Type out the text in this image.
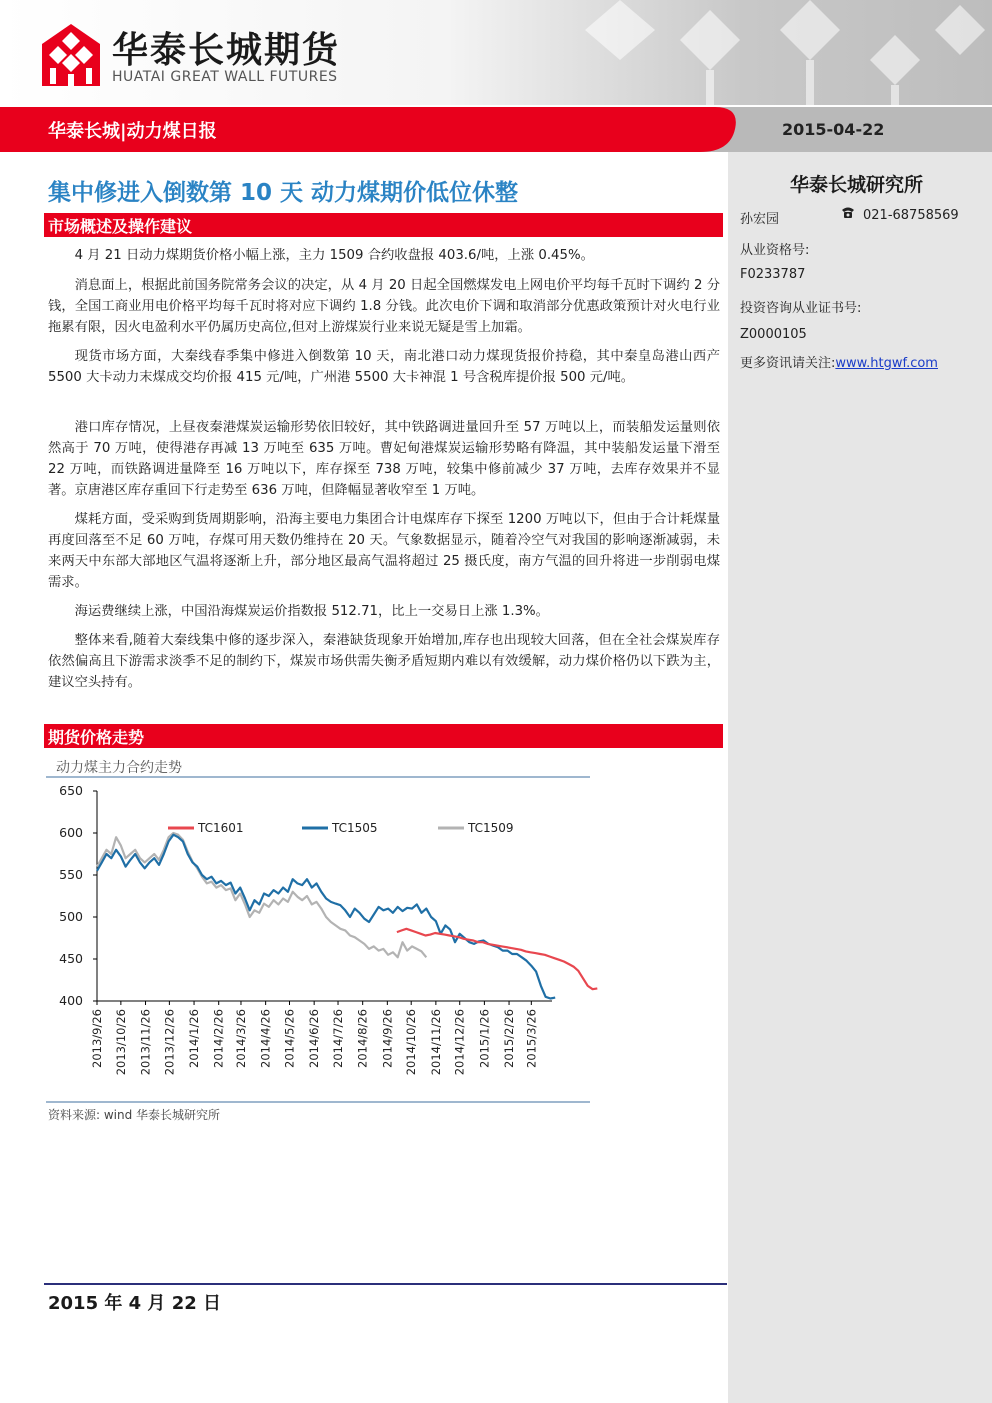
华泰长城期货
HUATAI GREAT WALL FUTURES
华泰长城|动力煤日报	2015-04-22
华泰长城研究所
孙宏园	021-68758569
从业资格号:
F0233787
投资咨询从业证书号:
Z0000105
更多资讯请关注:www.htgwf.com
集中修进入倒数第 10 天 动力煤期价低位休整
市场概述及操作建议

4 月 21 日动力煤期货价格小幅上涨，主力 1509 合约收盘报 403.6/吨，上涨 0.45%。

消息面上，根据此前国务院常务会议的决定，从 4 月 20 日起全国燃煤发电上网电价平均每千瓦时下调约 2 分钱，全国工商业用电价格平均每千瓦时将对应下调约 1.8 分钱。此次电价下调和取消部分优惠政策预计对火电行业拖累有限，因火电盈利水平仍属历史高位,但对上游煤炭行业来说无疑是雪上加霜。

现货市场方面，大秦线春季集中修进入倒数第 10 天，南北港口动力煤现货报价持稳，其中秦皇岛港山西产 5500 大卡动力末煤成交均价报 415 元/吨，广州港 5500 大卡神混 1 号含税库提价报 500 元/吨。

港口库存情况，上昼夜秦港煤炭运输形势依旧较好，其中铁路调进量回升至 57 万吨以上，而装船发运量则依然高于 70 万吨，使得港存再减 13 万吨至 635 万吨。曹妃甸港煤炭运输形势略有降温，其中装船发运量下滑至 22 万吨，而铁路调进量降至 16 万吨以下，库存探至 738 万吨，较集中修前减少 37 万吨，去库存效果并不显著。京唐港区库存重回下行走势至 636 万吨，但降幅显著收窄至 1 万吨。

煤耗方面，受采购到货周期影响，沿海主要电力集团合计电煤库存下探至 1200 万吨以下，但由于合计耗煤量再度回落至不足 60 万吨，存煤可用天数仍维持在 20 天。气象数据显示，随着冷空气对我国的影响逐渐减弱，未来两天中东部大部地区气温将逐渐上升，部分地区最高气温将超过 25 摄氏度，南方气温的回升将进一步削弱电煤需求。

海运费继续上涨，中国沿海煤炭运价指数报 512.71，比上一交易日上涨 1.3%。

整体来看,随着大秦线集中修的逐步深入，秦港缺货现象开始增加,库存也出现较大回落，但在全社会煤炭库存依然偏高且下游需求淡季不足的制约下，煤炭市场供需失衡矛盾短期内难以有效缓解，动力煤价格仍以下跌为主，建议空头持有。

期货价格走势
动力煤主力合约走势
400
450
500
550
600
650
2013/9/26 2013/10/26 2013/11/26 2013/12/26 2014/1/26 2014/2/26 2014/3/26 2014/4/26 2014/5/26 2014/6/26 2014/7/26 2014/8/26 2014/9/26 2014/10/26 2014/11/26 2014/12/26 2015/1/26 2015/2/26 2015/3/26
TC1601	TC1505	TC1509
资料来源: wind 华泰长城研究所
2015 年 4 月 22 日
